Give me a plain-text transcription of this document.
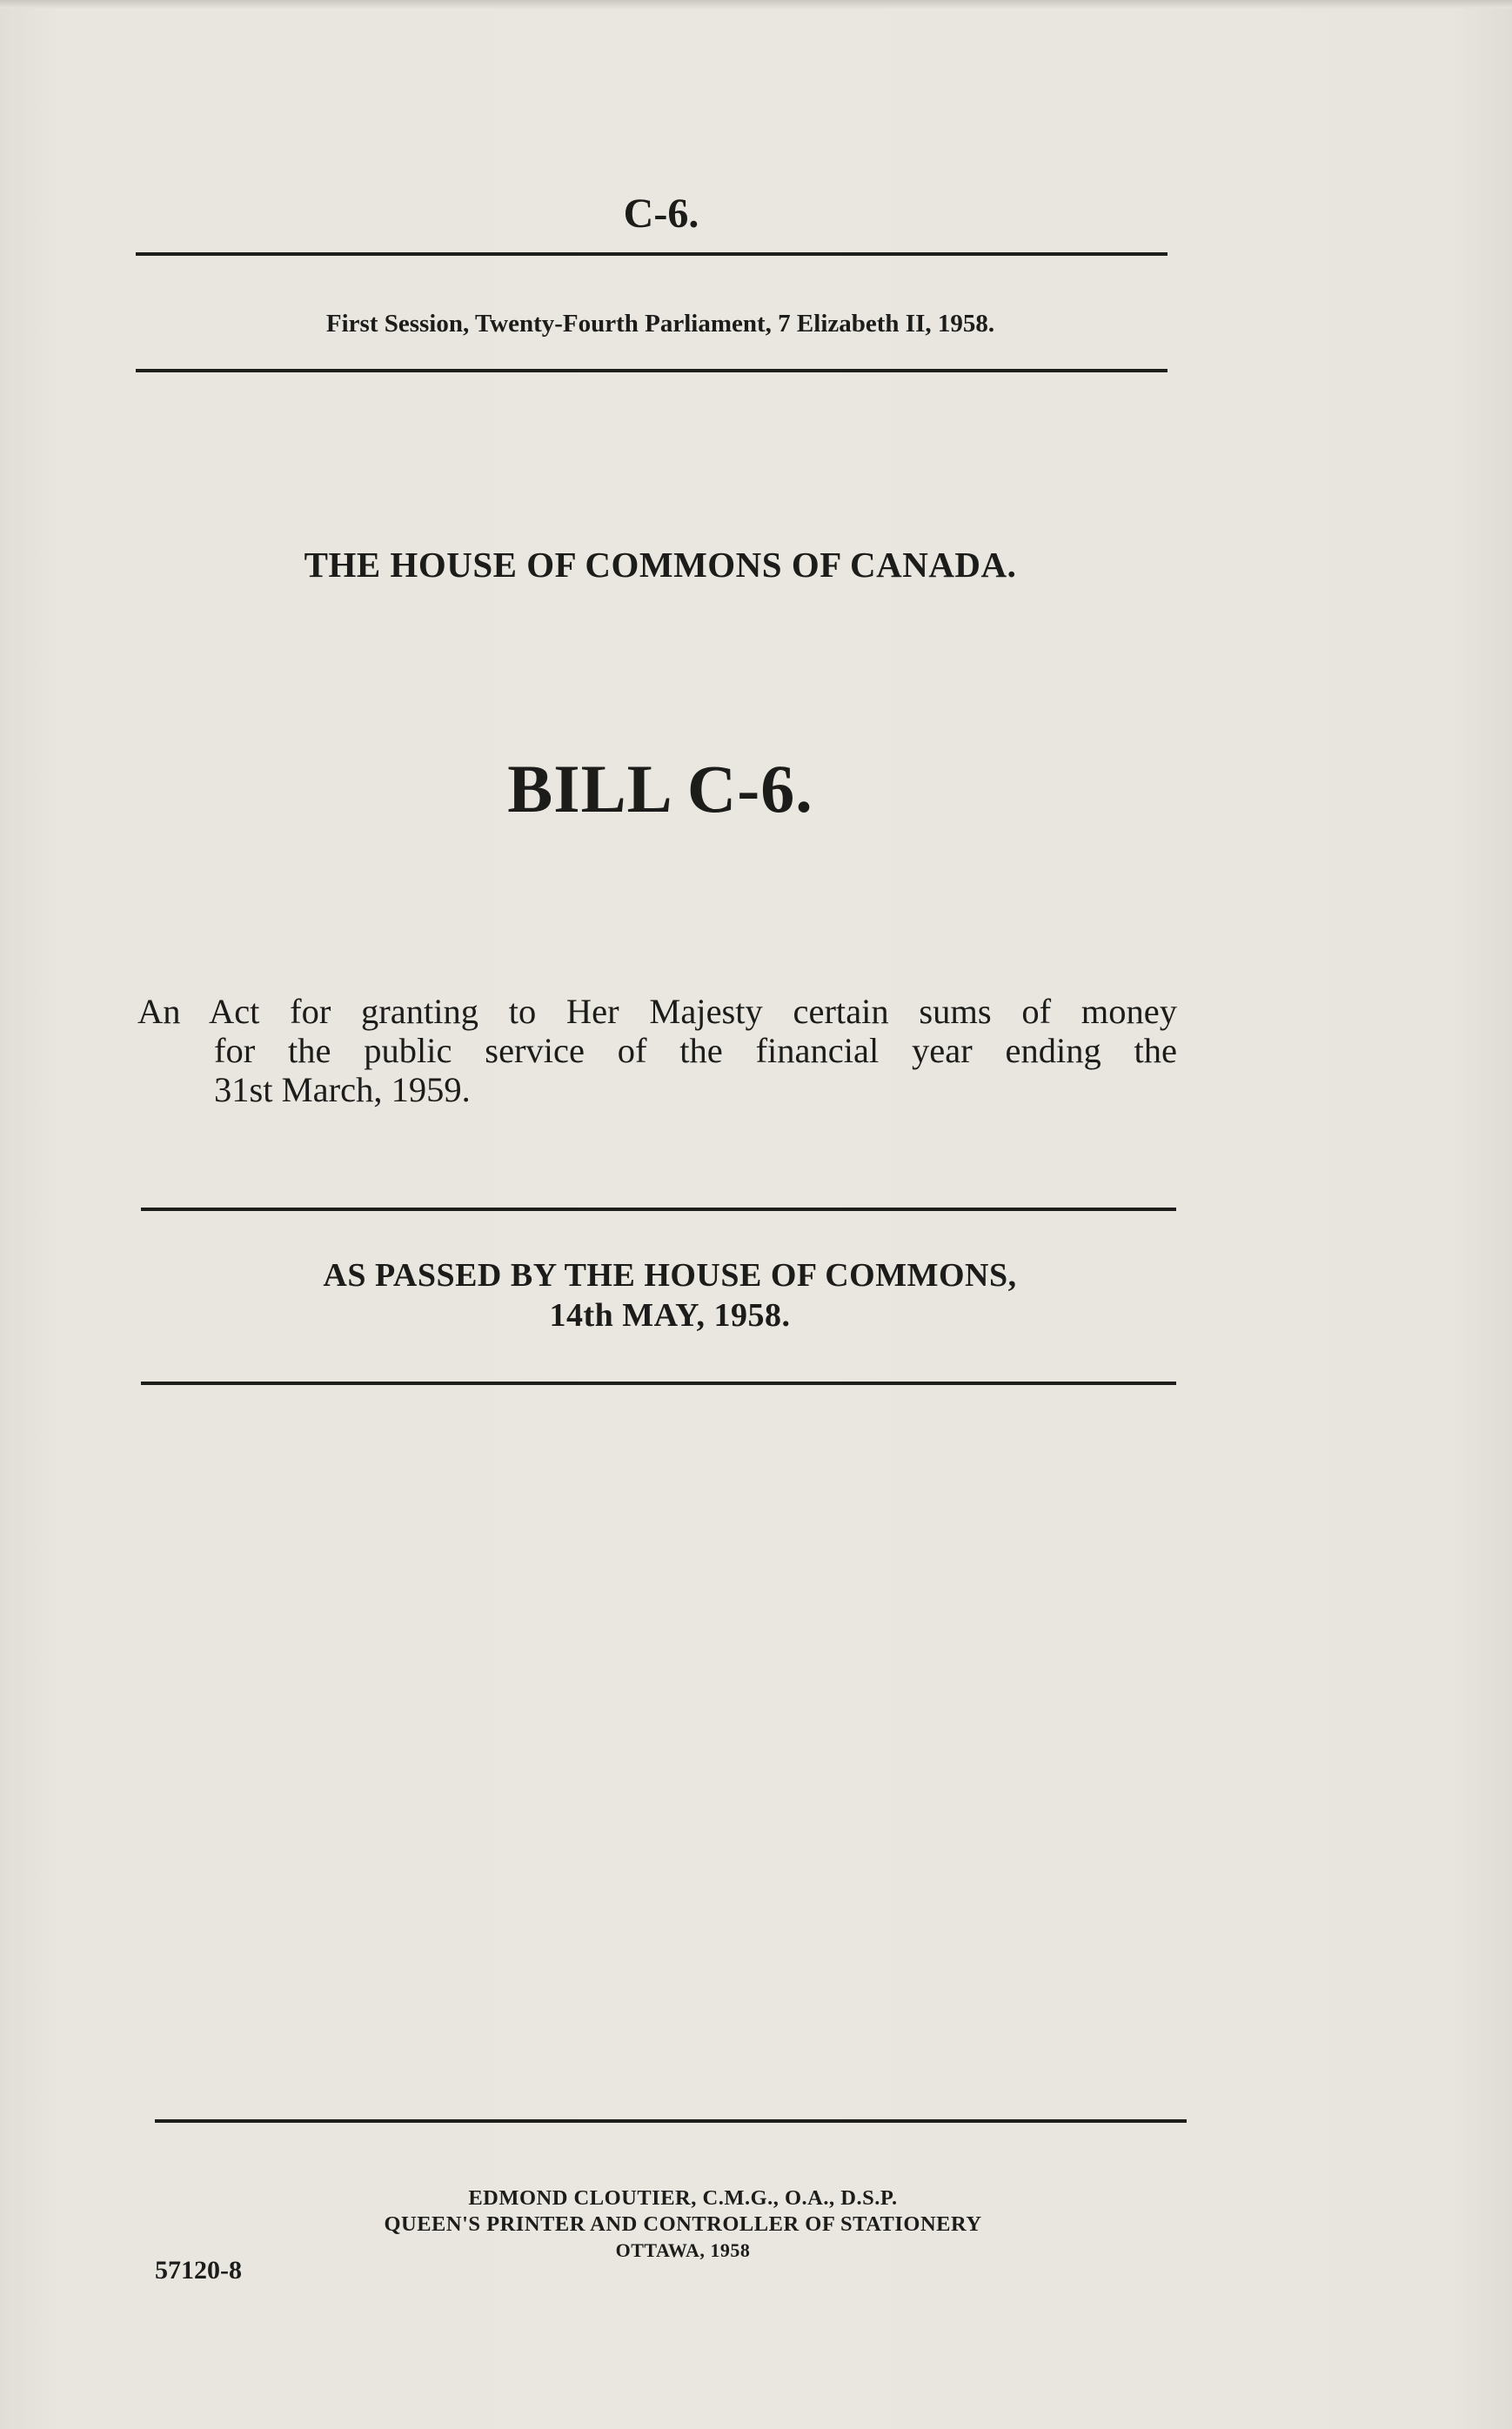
C-6.
First Session, Twenty-Fourth Parliament, 7 Elizabeth II, 1958.
THE HOUSE OF COMMONS OF CANADA.
BILL C-6.
An Act for granting to Her Majesty certain sums of money
for the public service of the financial year ending the
31st March, 1959.
AS PASSED BY THE HOUSE OF COMMONS,
14th MAY, 1958.
EDMOND CLOUTIER, C.M.G., O.A., D.S.P.
QUEEN'S PRINTER AND CONTROLLER OF STATIONERY
OTTAWA, 1958
57120-8
